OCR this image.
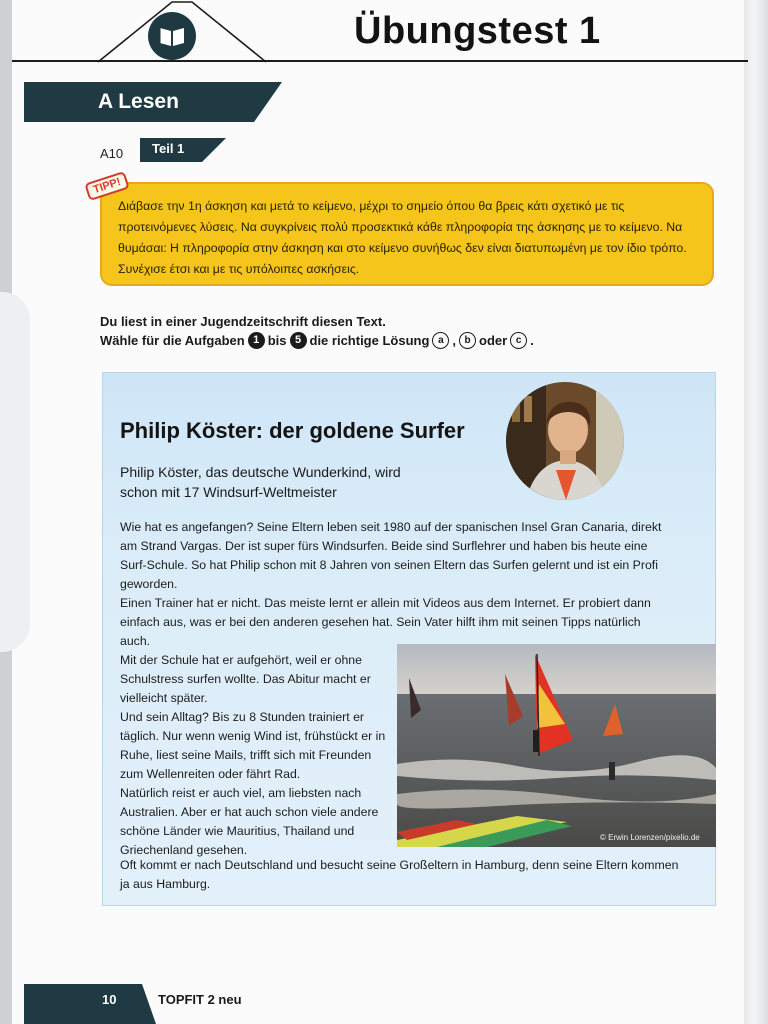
Übungstest 1
A Lesen
A10 Teil 1
TIPP!
Διάβασε την 1η άσκηση και μετά το κείμενο, μέχρι το σημείο όπου θα βρεις κάτι σχετικό με τις προτεινόμενες λύσεις. Να συγκρίνεις πολύ προσεκτικά κάθε πληροφορία της άσκησης με το κείμενο. Να θυμάσαι: Η πληροφορία στην άσκηση και στο κείμενο συνήθως δεν είναι διατυπωμένη με τον ίδιο τρόπο. Συνέχισε έτσι και με τις υπόλοιπες ασκήσεις.
Du liest in einer Jugendzeitschrift diesen Text.
Wähle für die Aufgaben 1 bis 5 die richtige Lösung a , b oder c .
Philip Köster: der goldene Surfer
Philip Köster, das deutsche Wunderkind, wird schon mit 17 Windsurf-Weltmeister

Wie hat es angefangen? Seine Eltern leben seit 1980 auf der spanischen Insel Gran Canaria, direkt am Strand Vargas. Der ist super fürs Windsurfen. Beide sind Surflehrer und haben bis heute eine Surf-Schule. So hat Philip schon mit 8 Jahren von seinen Eltern das Surfen gelernt und ist ein Profi geworden.

Einen Trainer hat er nicht. Das meiste lernt er allein mit Videos aus dem Internet. Er probiert dann einfach aus, was er bei den anderen gesehen hat. Sein Vater hilft ihm mit seinen Tipps natürlich auch.

Mit der Schule hat er aufgehört, weil er ohne Schulstress surfen wollte. Das Abitur macht er vielleicht später.

Und sein Alltag? Bis zu 8 Stunden trainiert er täglich. Nur wenn wenig Wind ist, frühstückt er in Ruhe, liest seine Mails, trifft sich mit Freunden zum Wellenreiten oder fährt Rad.

Natürlich reist er auch viel, am liebsten nach Australien. Aber er hat auch schon viele andere schöne Länder wie Mauritius, Thailand und Griechenland gesehen.

© Erwin Lorenzen/pixelio.de

Oft kommt er nach Deutschland und besucht seine Großeltern in Hamburg, denn seine Eltern kommen ja aus Hamburg.

10	TOPFIT 2 neu
